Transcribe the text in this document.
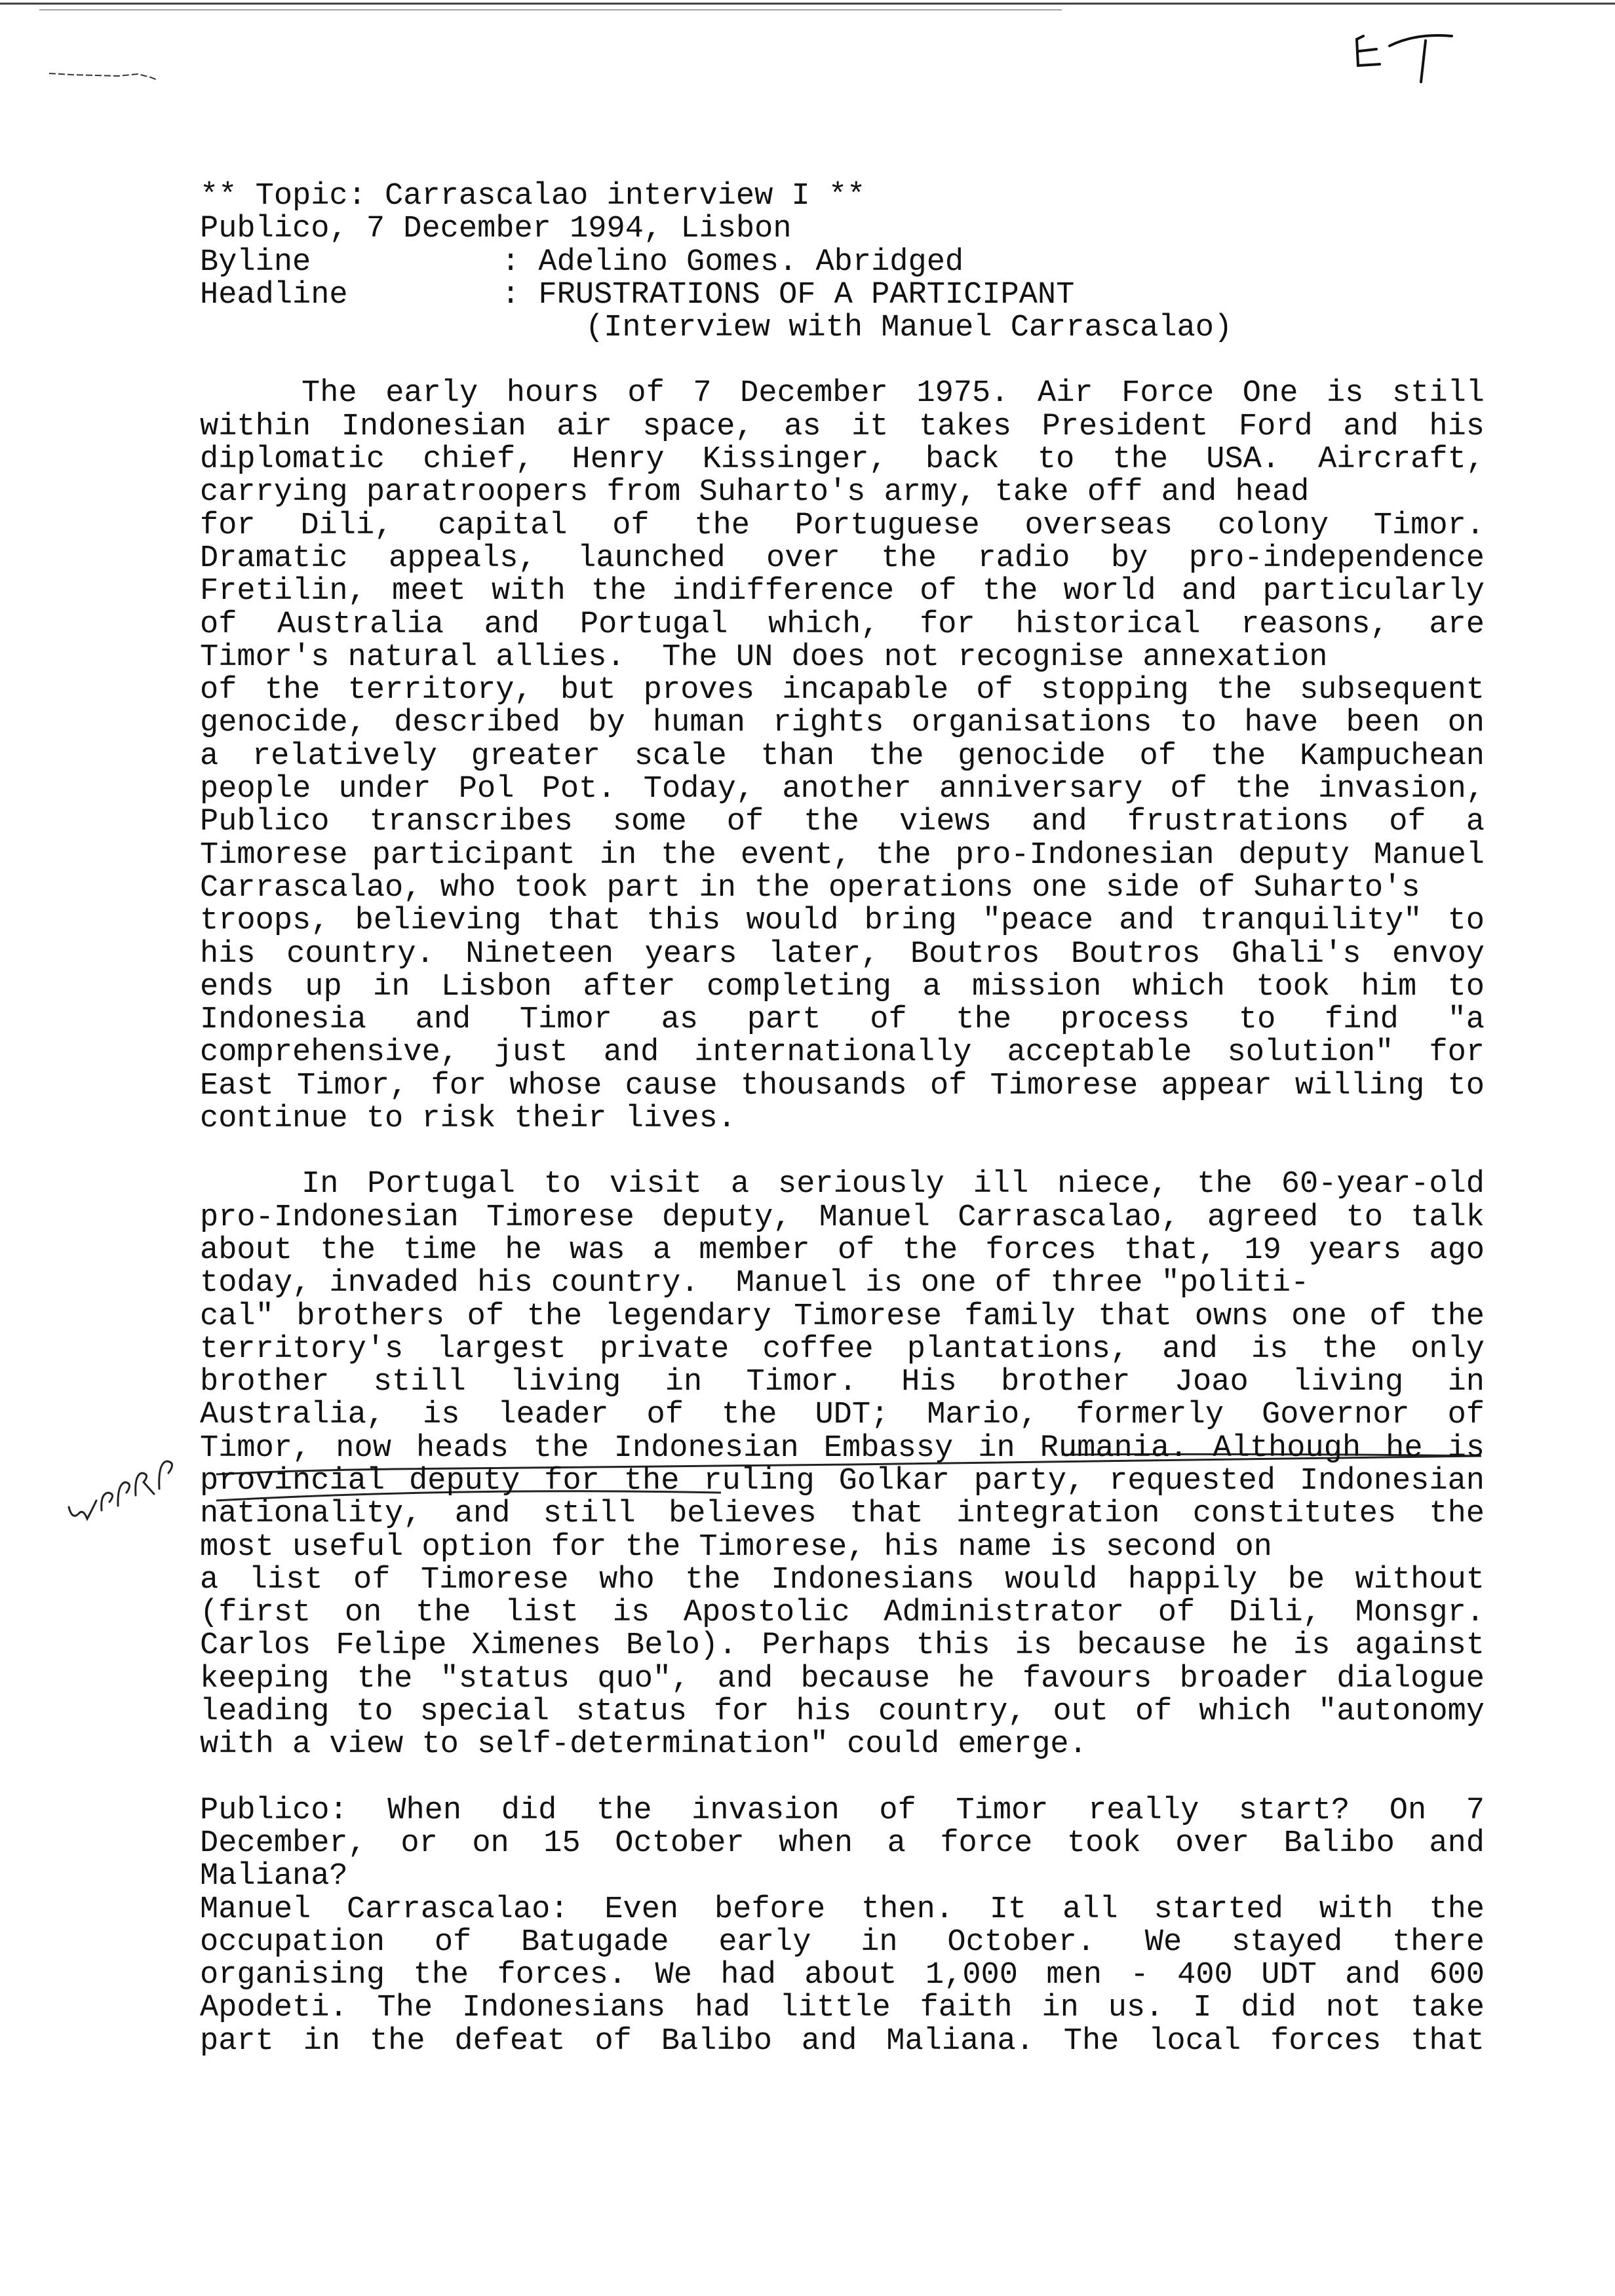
** Topic: Carrascalao interview I **
Publico, 7 December 1994, Lisbon
Byline	: Adelino Gomes. Abridged
Headline	: FRUSTRATIONS OF A PARTICIPANT
(Interview with Manuel Carrascalao)
The early hours of 7 December 1975. Air Force One is still
within Indonesian air space, as it takes President Ford and his
diplomatic chief, Henry Kissinger, back to the USA. Aircraft,
carrying paratroopers from Suharto's army, take off and head
for Dili, capital of the Portuguese overseas colony Timor.
Dramatic appeals, launched over the radio by pro-independence
Fretilin, meet with the indifference of the world and particularly
of Australia and Portugal which, for historical reasons, are
Timor's natural allies.  The UN does not recognise annexation
of the territory, but proves incapable of stopping the subsequent
genocide, described by human rights organisations to have been on
a relatively greater scale than the genocide of the Kampuchean
people under Pol Pot. Today, another anniversary of the invasion,
Publico transcribes some of the views and frustrations of a
Timorese participant in the event, the pro-Indonesian deputy Manuel
Carrascalao, who took part in the operations one side of Suharto's
troops, believing that this would bring "peace and tranquility" to
his country. Nineteen years later, Boutros Boutros Ghali's envoy
ends up in Lisbon after completing a mission which took him to
Indonesia and Timor as part of the process to find "a
comprehensive, just and internationally acceptable solution" for
East Timor, for whose cause thousands of Timorese appear willing to
continue to risk their lives.
In Portugal to visit a seriously ill niece, the 60-year-old
pro-Indonesian Timorese deputy, Manuel Carrascalao, agreed to talk
about the time he was a member of the forces that, 19 years ago
today, invaded his country.  Manuel is one of three "politi-
cal" brothers of the legendary Timorese family that owns one of the
territory's largest private coffee plantations, and is the only
brother still living in Timor. His brother Joao living in
Australia, is leader of the UDT; Mario, formerly Governor of
Timor, now heads the Indonesian Embassy in Rumania. Although he is
provincial deputy for the ruling Golkar party, requested Indonesian
nationality, and still believes that integration constitutes the
most useful option for the Timorese, his name is second on
a list of Timorese who the Indonesians would happily be without
(first on the list is Apostolic Administrator of Dili, Monsgr.
Carlos Felipe Ximenes Belo). Perhaps this is because he is against
keeping the "status quo", and because he favours broader dialogue
leading to special status for his country, out of which "autonomy
with a view to self-determination" could emerge.
Publico: When did the invasion of Timor really start? On 7
December, or on 15 October when a force took over Balibo and
Maliana?
Manuel Carrascalao: Even before then. It all started with the
occupation of Batugade early in October. We stayed there
organising the forces. We had about 1,000 men - 400 UDT and 600
Apodeti. The Indonesians had little faith in us. I did not take
part in the defeat of Balibo and Maliana. The local forces that
